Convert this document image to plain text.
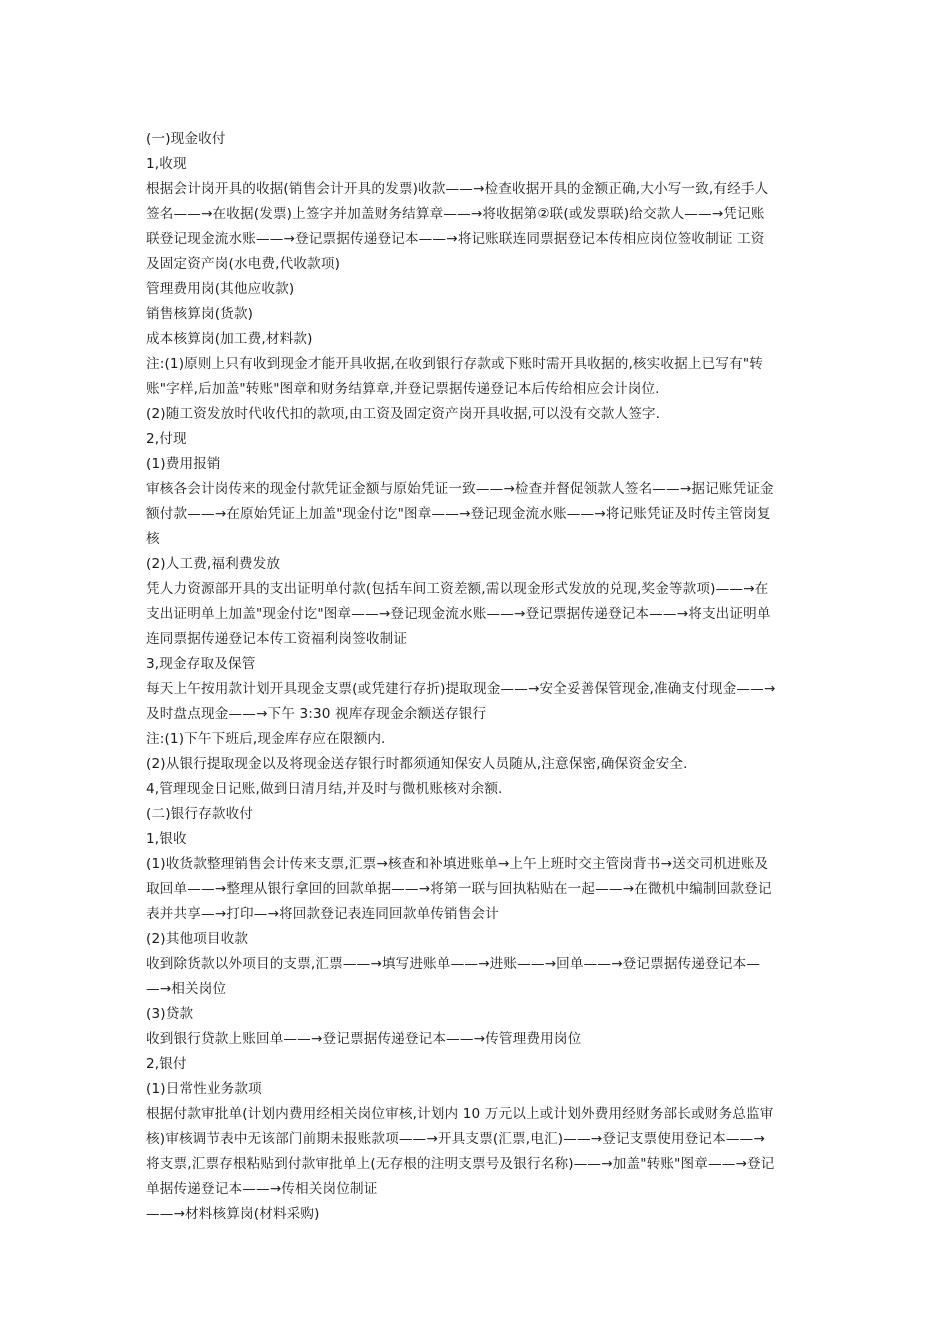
(一)现金收付

1,收现

根据会计岗开具的收据(销售会计开具的发票)收款——→检查收据开具的金额正确,大小写一致,有经手人

签名——→在收据(发票)上签字并加盖财务结算章——→将收据第②联(或发票联)给交款人——→凭记账

联登记现金流水账——→登记票据传递登记本——→将记账联连同票据登记本传相应岗位签收制证 工资

及固定资产岗(水电费,代收款项)

管理费用岗(其他应收款)

销售核算岗(货款)

成本核算岗(加工费,材料款)

注:(1)原则上只有收到现金才能开具收据,在收到银行存款或下账时需开具收据的,核实收据上已写有"转

账"字样,后加盖"转账"图章和财务结算章,并登记票据传递登记本后传给相应会计岗位.

(2)随工资发放时代收代扣的款项,由工资及固定资产岗开具收据,可以没有交款人签字.

2,付现

(1)费用报销

审核各会计岗传来的现金付款凭证金额与原始凭证一致——→检查并督促领款人签名——→据记账凭证金

额付款——→在原始凭证上加盖"现金付讫"图章——→登记现金流水账——→将记账凭证及时传主管岗复

核

(2)人工费,福利费发放

凭人力资源部开具的支出证明单付款(包括车间工资差额,需以现金形式发放的兑现,奖金等款项)——→在

支出证明单上加盖"现金付讫"图章——→登记现金流水账——→登记票据传递登记本——→将支出证明单

连同票据传递登记本传工资福利岗签收制证

3,现金存取及保管

每天上午按用款计划开具现金支票(或凭建行存折)提取现金——→安全妥善保管现金,准确支付现金——→

及时盘点现金——→下午 3:30 视库存现金余额送存银行

注:(1)下午下班后,现金库存应在限额内.

(2)从银行提取现金以及将现金送存银行时都须通知保安人员随从,注意保密,确保资金安全.

4,管理现金日记账,做到日清月结,并及时与微机账核对余额.

(二)银行存款收付

1,银收

(1)收货款整理销售会计传来支票,汇票→核查和补填进账单→上午上班时交主管岗背书→送交司机进账及

取回单——→整理从银行拿回的回款单据——→将第一联与回执粘贴在一起——→在微机中编制回款登记

表并共享—→打印—→将回款登记表连同回款单传销售会计

(2)其他项目收款

收到除货款以外项目的支票,汇票——→填写进账单——→进账——→回单——→登记票据传递登记本—

—→相关岗位

(3)贷款

收到银行贷款上账回单——→登记票据传递登记本——→传管理费用岗位

2,银付

(1)日常性业务款项

根据付款审批单(计划内费用经相关岗位审核,计划内 10 万元以上或计划外费用经财务部长或财务总监审

核)审核调节表中无该部门前期未报账款项——→开具支票(汇票,电汇)——→登记支票使用登记本——→

将支票,汇票存根粘贴到付款审批单上(无存根的注明支票号及银行名称)——→加盖"转账"图章——→登记

单据传递登记本——→传相关岗位制证

——→材料核算岗(材料采购)
